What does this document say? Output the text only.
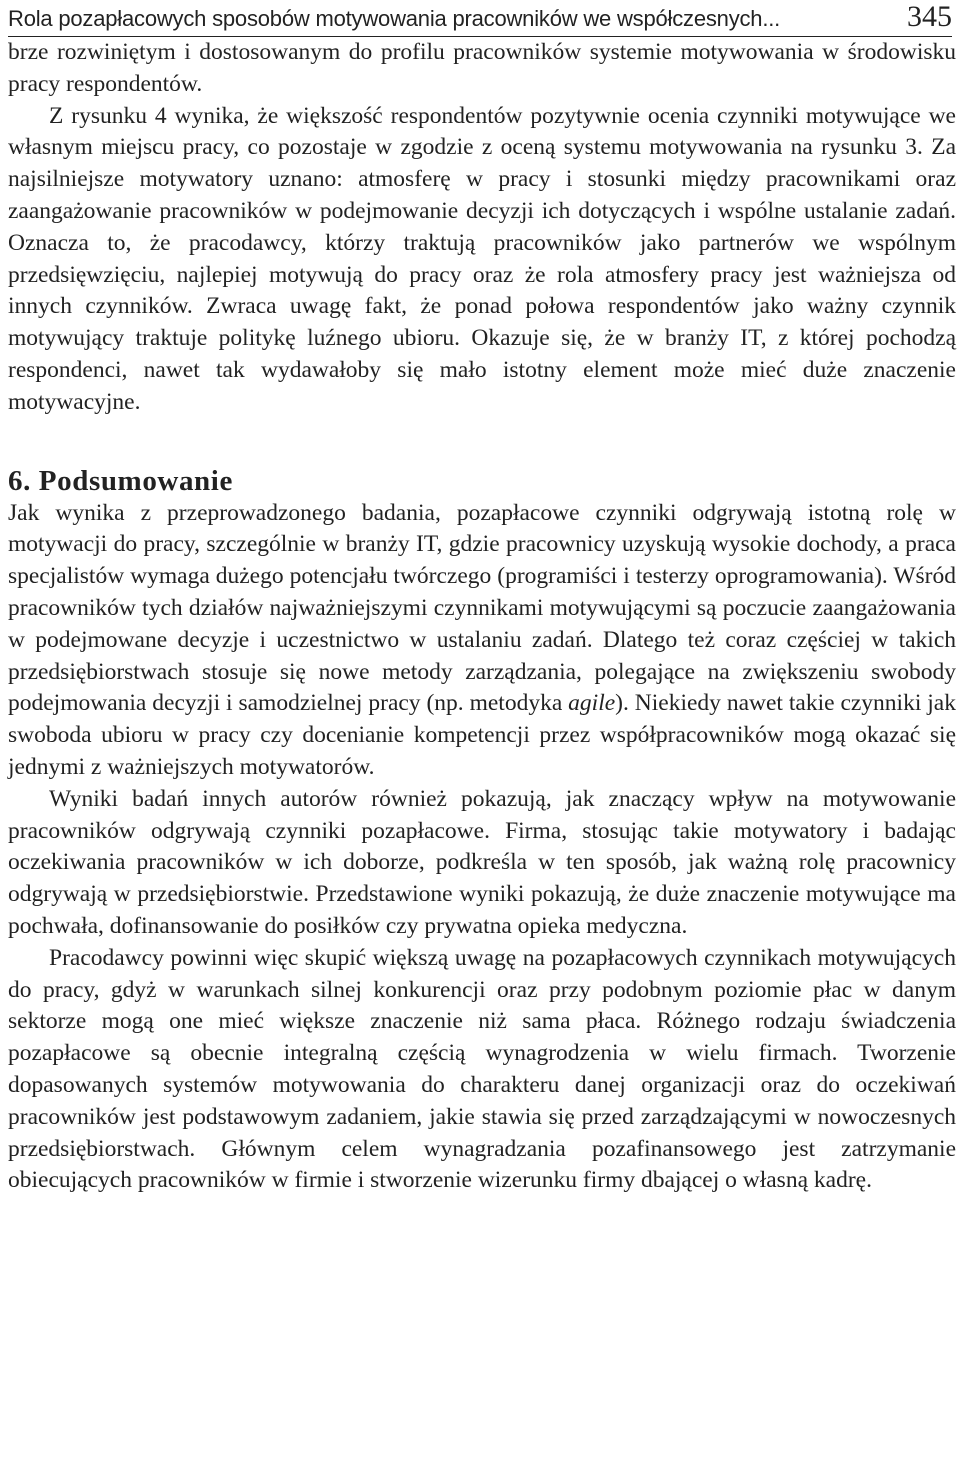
Rola pozapłacowych sposobów motywowania pracowników we współczesnych...	345

brze rozwiniętym i dostosowanym do profilu pracowników systemie motywowania w środowisku pracy respondentów.

Z rysunku 4 wynika, że większość respondentów pozytywnie ocenia czynniki motywujące we własnym miejscu pracy, co pozostaje w zgodzie z oceną systemu motywowania na rysunku 3. Za najsilniejsze motywatory uznano: atmosferę w pracy i stosunki między pracownikami oraz zaangażowanie pracowników w podejmowanie decyzji ich dotyczących i wspólne ustalanie zadań. Oznacza to, że pracodawcy, którzy traktują pracowników jako partnerów we wspólnym przedsięwzięciu, najlepiej motywują do pracy oraz że rola atmosfery pracy jest ważniejsza od innych czynników. Zwraca uwagę fakt, że ponad połowa respondentów jako ważny czynnik motywujący traktuje politykę luźnego ubioru. Okazuje się, że w branży IT, z której pochodzą respondenci, nawet tak wydawałoby się mało istotny element może mieć duże znaczenie motywacyjne.

6. Podsumowanie

Jak wynika z przeprowadzonego badania, pozapłacowe czynniki odgrywają istotną rolę w motywacji do pracy, szczególnie w branży IT, gdzie pracownicy uzyskują wysokie dochody, a praca specjalistów wymaga dużego potencjału twórczego (programiści i testerzy oprogramowania). Wśród pracowników tych działów najważniejszymi czynnikami motywującymi są poczucie zaangażowania w podejmowane decyzje i uczestnictwo w ustalaniu zadań. Dlatego też coraz częściej w takich przedsiębiorstwach stosuje się nowe metody zarządzania, polegające na zwiększeniu swobody podejmowania decyzji i samodzielnej pracy (np. metodyka agile). Niekiedy nawet takie czynniki jak swoboda ubioru w pracy czy docenianie kompetencji przez współpracowników mogą okazać się jednymi z ważniejszych motywatorów.

Wyniki badań innych autorów również pokazują, jak znaczący wpływ na motywowanie pracowników odgrywają czynniki pozapłacowe. Firma, stosując takie motywatory i badając oczekiwania pracowników w ich doborze, podkreśla w ten sposób, jak ważną rolę pracownicy odgrywają w przedsiębiorstwie. Przedstawione wyniki pokazują, że duże znaczenie motywujące ma pochwała, dofinansowanie do posiłków czy prywatna opieka medyczna.

Pracodawcy powinni więc skupić większą uwagę na pozapłacowych czynnikach motywujących do pracy, gdyż w warunkach silnej konkurencji oraz przy podobnym poziomie płac w danym sektorze mogą one mieć większe znaczenie niż sama płaca. Różnego rodzaju świadczenia pozapłacowe są obecnie integralną częścią wynagrodzenia w wielu firmach. Tworzenie dopasowanych systemów motywowania do charakteru danej organizacji oraz do oczekiwań pracowników jest podstawowym zadaniem, jakie stawia się przed zarządzającymi w nowoczesnych przedsiębiorstwach. Głównym celem wynagradzania pozafinansowego jest zatrzymanie obiecujących pracowników w firmie i stworzenie wizerunku firmy dbającej o własną kadrę.
